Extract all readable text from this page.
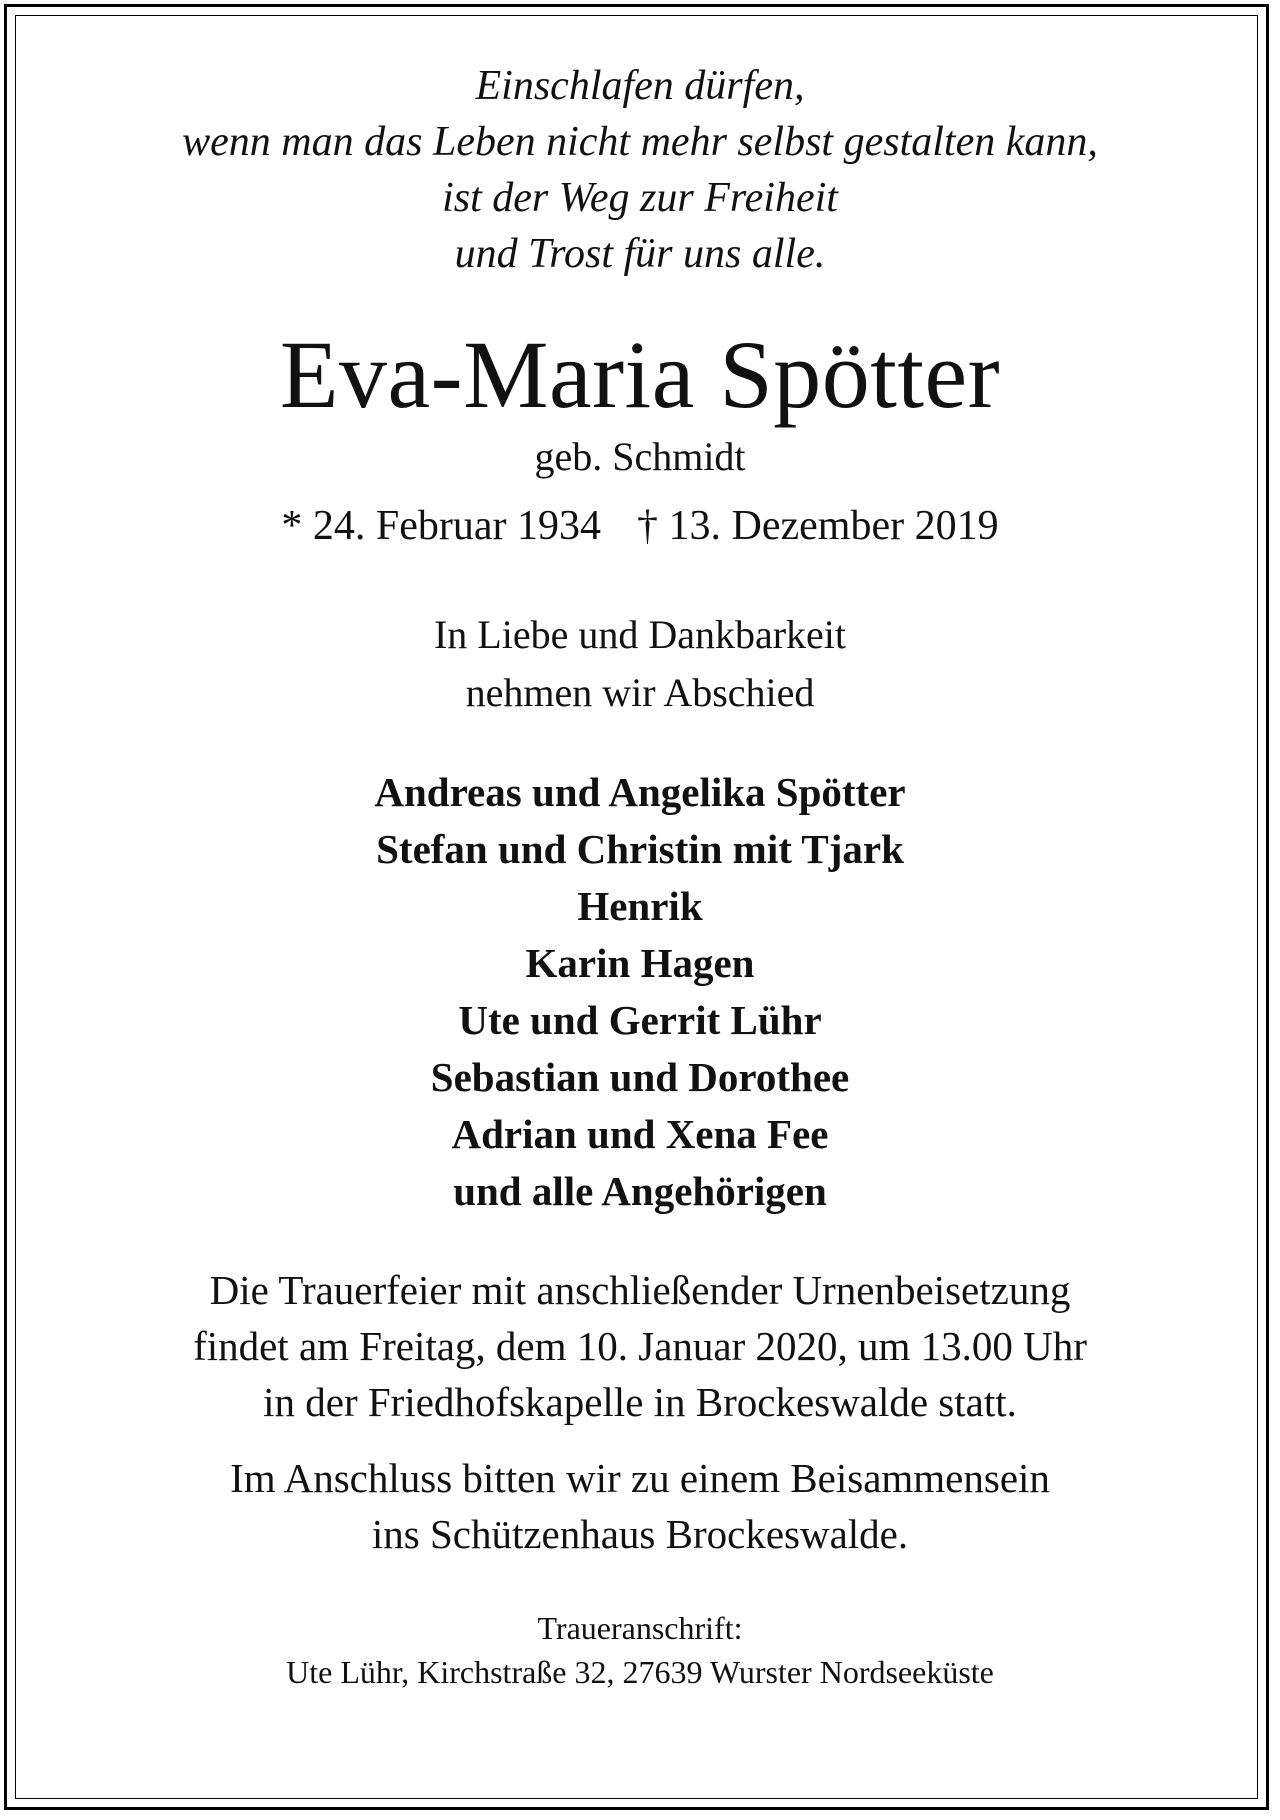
Einschlafen dürfen,
wenn man das Leben nicht mehr selbst gestalten kann,
ist der Weg zur Freiheit
und Trost für uns alle.
Eva-Maria Spötter
geb. Schmidt
* 24. Februar 1934 † 13. Dezember 2019
In Liebe und Dankbarkeit
nehmen wir Abschied
Andreas und Angelika Spötter
Stefan und Christin mit Tjark
Henrik
Karin Hagen
Ute und Gerrit Lühr
Sebastian und Dorothee
Adrian und Xena Fee
und alle Angehörigen
Die Trauerfeier mit anschließender Urnenbeisetzung
findet am Freitag, dem 10. Januar 2020, um 13.00 Uhr
in der Friedhofskapelle in Brockeswalde statt.
Im Anschluss bitten wir zu einem Beisammensein
ins Schützenhaus Brockeswalde.
Traueranschrift:
Ute Lühr, Kirchstraße 32, 27639 Wurster Nordseeküste
